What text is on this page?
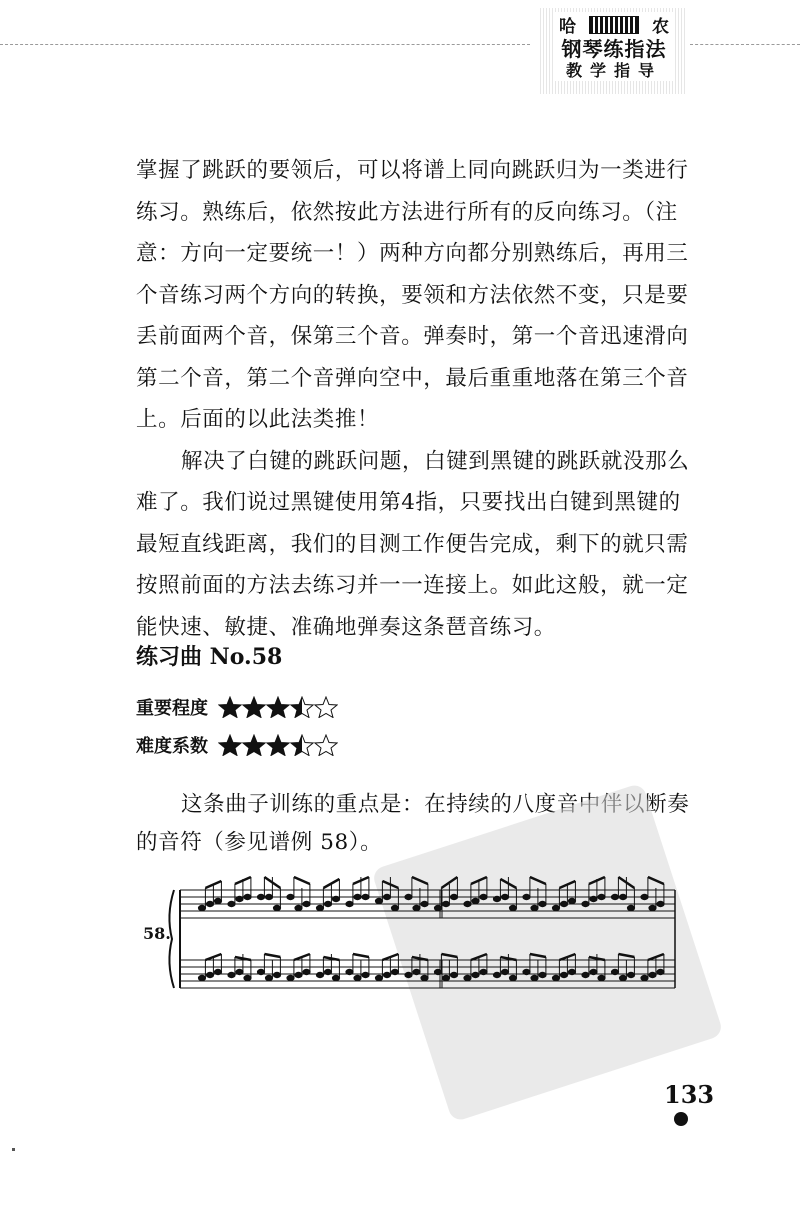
哈	农
钢琴练指法
教学指导

掌握了跳跃的要领后，可以将谱上同向跳跃归为一类进行练习。熟练后，依然按此方法进行所有的反向练习。（注意：方向一定要统一！）两种方向都分别熟练后，再用三个音练习两个方向的转换，要领和方法依然不变，只是要丢前面两个音，保第三个音。弹奏时，第一个音迅速滑向第二个音，第二个音弹向空中，最后重重地落在第三个音上。后面的以此法类推！

解决了白键的跳跃问题，白键到黑键的跳跃就没那么难了。我们说过黑键使用第4指，只要找出白键到黑键的最短直线距离，我们的目测工作便告完成，剩下的就只需按照前面的方法去练习并一一连接上。如此这般，就一定能快速、敏捷、准确地弹奏这条琶音练习。

练习曲 No.58
重要程度
难度系数

这条曲子训练的重点是：在持续的八度音中伴以断奏的音符（参见谱例 58）。

58.
133
